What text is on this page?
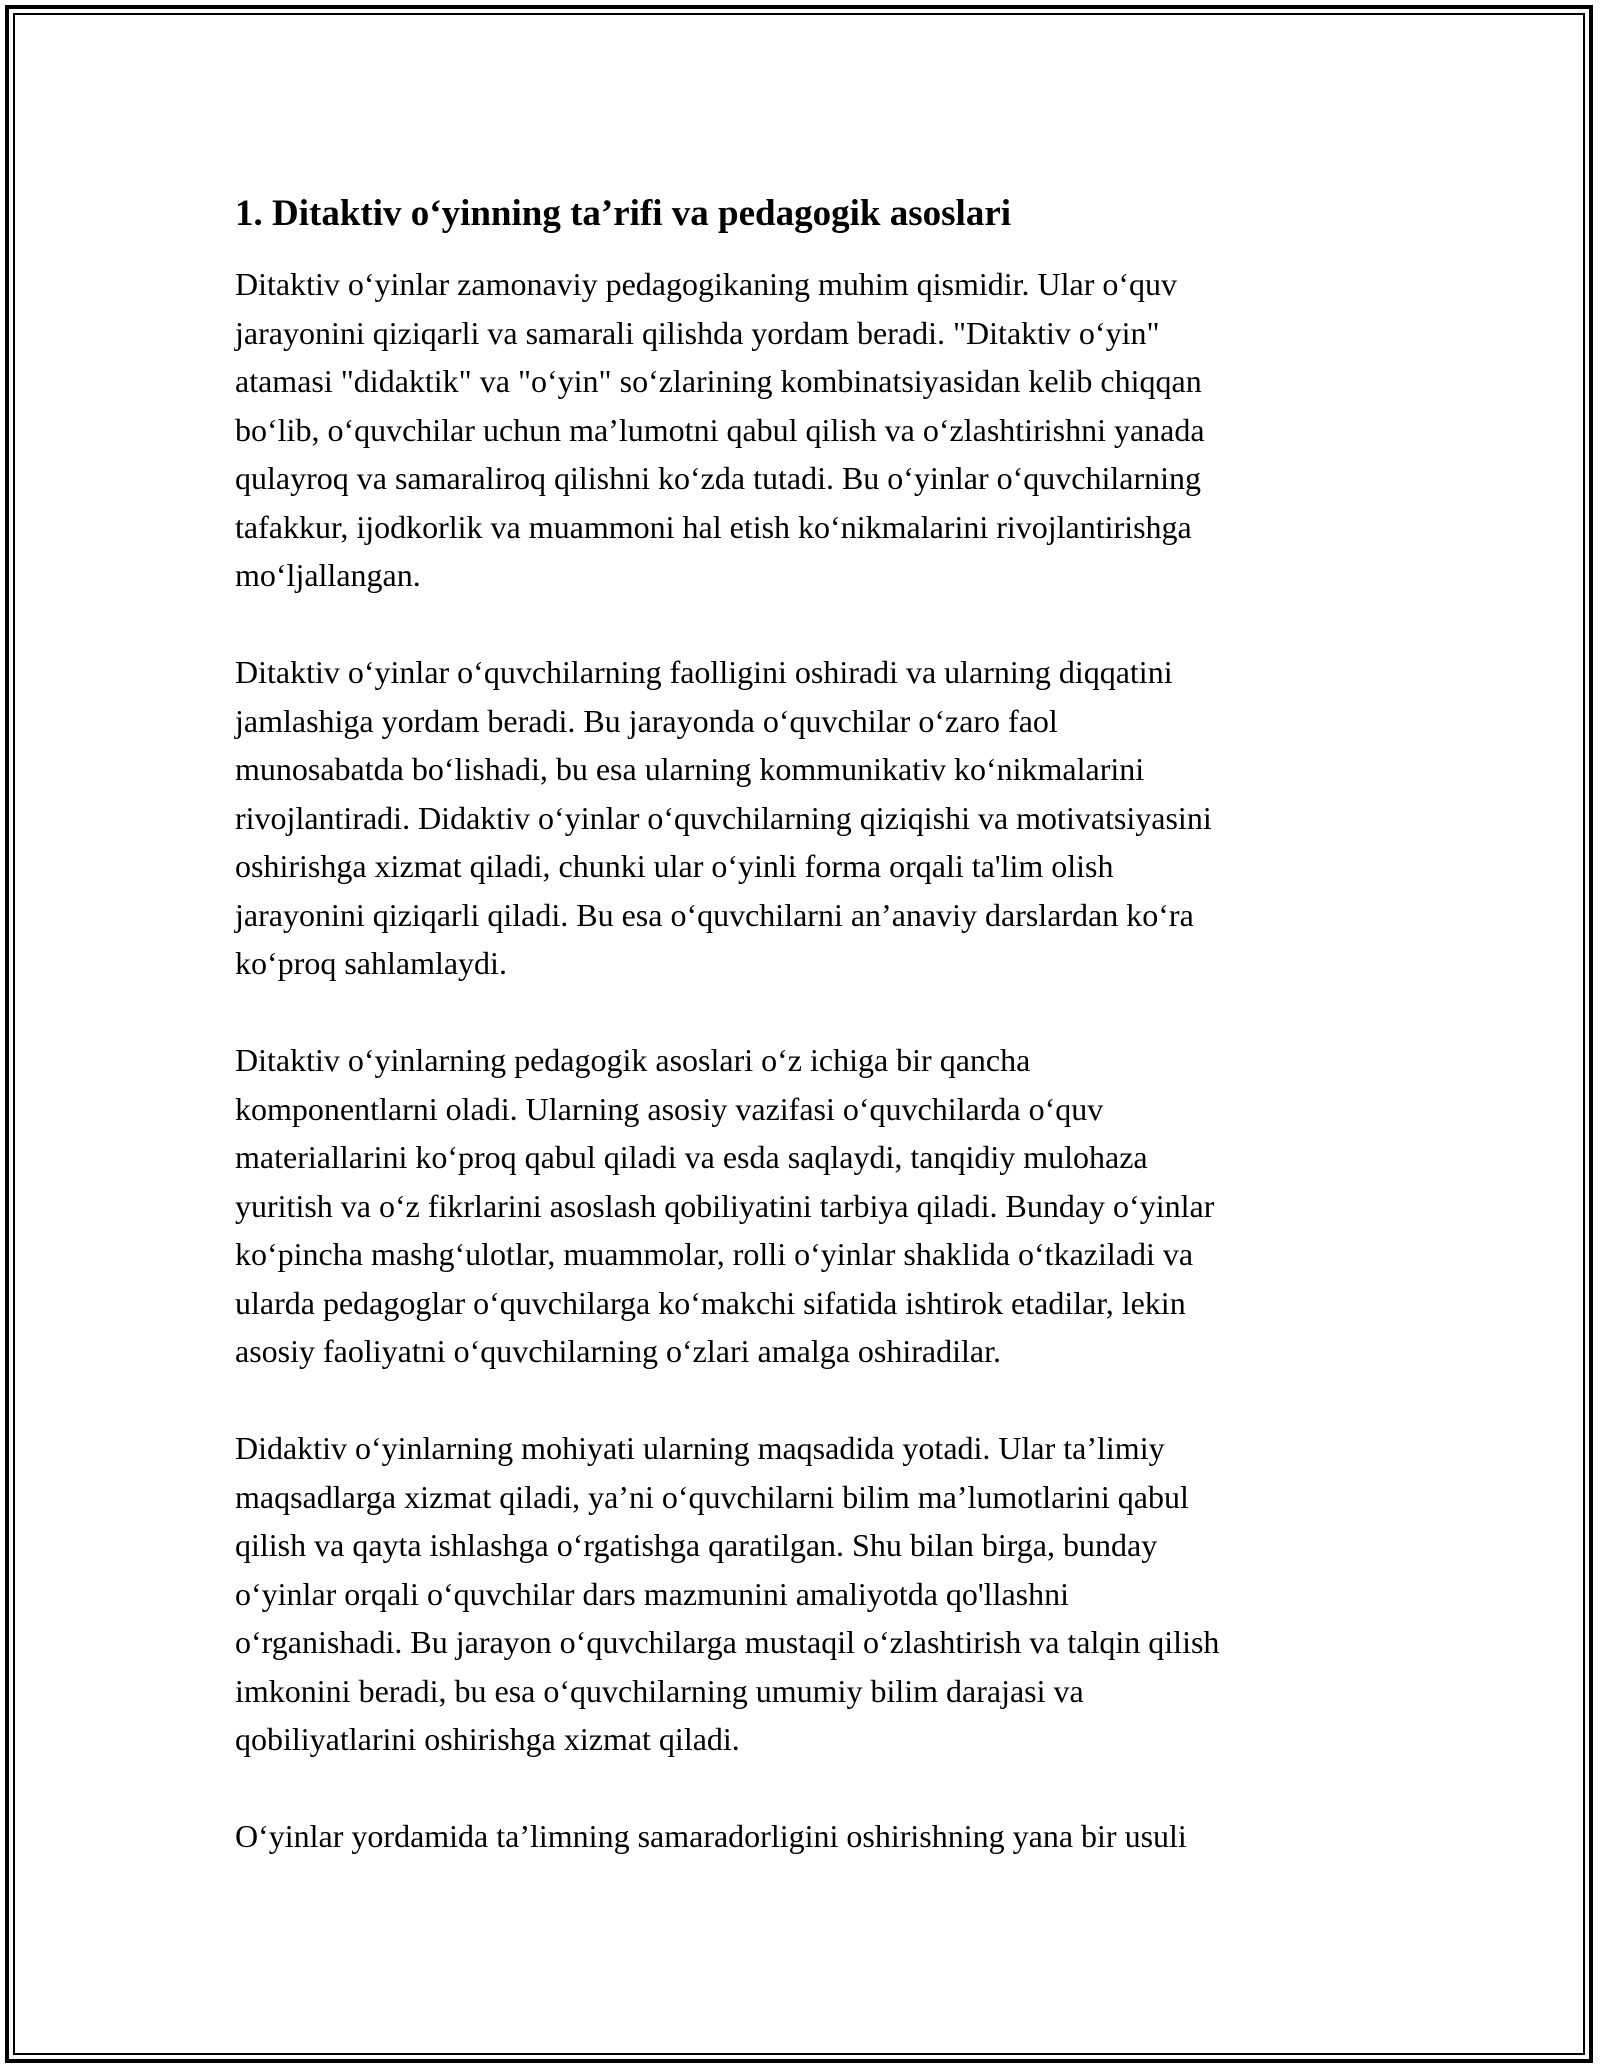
1. Ditaktiv o‘yinning ta’rifi va pedagogik asoslari

Ditaktiv o‘yinlar zamonaviy pedagogikaning muhim qismidir. Ular o‘quv
jarayonini qiziqarli va samarali qilishda yordam beradi. "Ditaktiv o‘yin"
atamasi "didaktik" va "o‘yin" so‘zlarining kombinatsiyasidan kelib chiqqan
bo‘lib, o‘quvchilar uchun ma’lumotni qabul qilish va o‘zlashtirishni yanada
qulayroq va samaraliroq qilishni ko‘zda tutadi. Bu o‘yinlar o‘quvchilarning
tafakkur, ijodkorlik va muammoni hal etish ko‘nikmalarini rivojlantirishga
mo‘ljallangan.

Ditaktiv o‘yinlar o‘quvchilarning faolligini oshiradi va ularning diqqatini
jamlashiga yordam beradi. Bu jarayonda o‘quvchilar o‘zaro faol
munosabatda bo‘lishadi, bu esa ularning kommunikativ ko‘nikmalarini
rivojlantiradi. Didaktiv o‘yinlar o‘quvchilarning qiziqishi va motivatsiyasini
oshirishga xizmat qiladi, chunki ular o‘yinli forma orqali ta'lim olish
jarayonini qiziqarli qiladi. Bu esa o‘quvchilarni an’anaviy darslardan ko‘ra
ko‘proq sahlamlaydi.

Ditaktiv o‘yinlarning pedagogik asoslari o‘z ichiga bir qancha
komponentlarni oladi. Ularning asosiy vazifasi o‘quvchilarda o‘quv
materiallarini ko‘proq qabul qiladi va esda saqlaydi, tanqidiy mulohaza
yuritish va o‘z fikrlarini asoslash qobiliyatini tarbiya qiladi. Bunday o‘yinlar
ko‘pincha mashg‘ulotlar, muammolar, rolli o‘yinlar shaklida o‘tkaziladi va
ularda pedagoglar o‘quvchilarga ko‘makchi sifatida ishtirok etadilar, lekin
asosiy faoliyatni o‘quvchilarning o‘zlari amalga oshiradilar.

Didaktiv o‘yinlarning mohiyati ularning maqsadida yotadi. Ular ta’limiy
maqsadlarga xizmat qiladi, ya’ni o‘quvchilarni bilim ma’lumotlarini qabul
qilish va qayta ishlashga o‘rgatishga qaratilgan. Shu bilan birga, bunday
o‘yinlar orqali o‘quvchilar dars mazmunini amaliyotda qo'llashni
o‘rganishadi. Bu jarayon o‘quvchilarga mustaqil o‘zlashtirish va talqin qilish
imkonini beradi, bu esa o‘quvchilarning umumiy bilim darajasi va
qobiliyatlarini oshirishga xizmat qiladi.

O‘yinlar yordamida ta’limning samaradorligini oshirishning yana bir usuli
